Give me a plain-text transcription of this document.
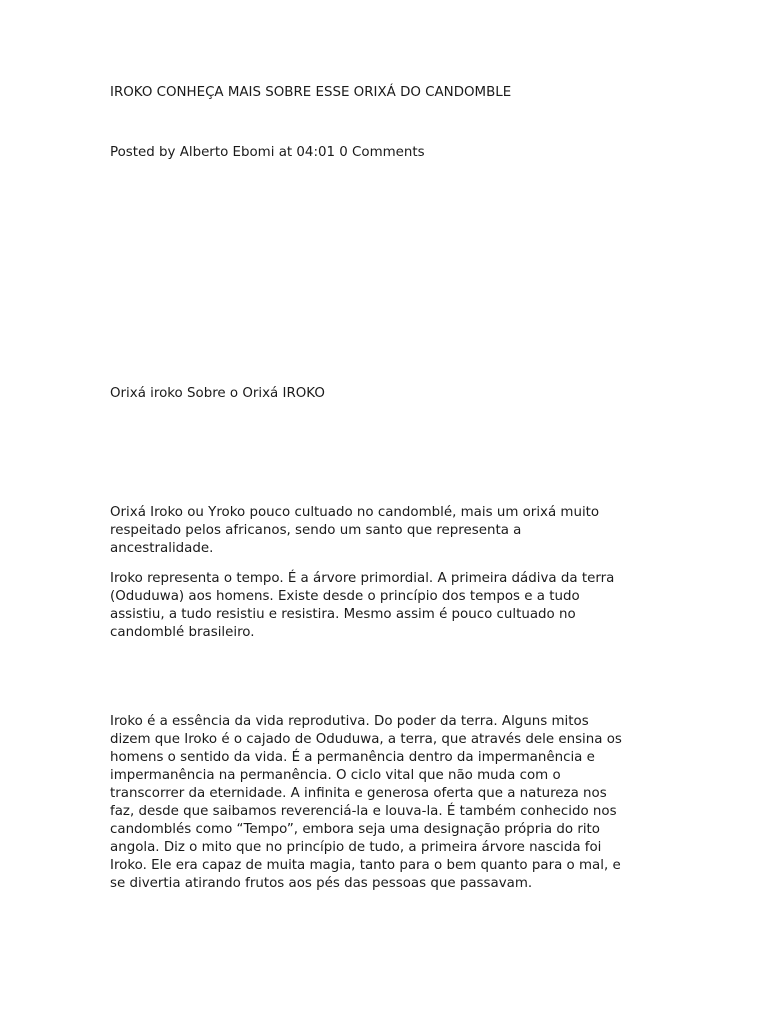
IROKO CONHEÇA MAIS SOBRE ESSE ORIXÁ DO CANDOMBLE
Posted by Alberto Ebomi at 04:01 0 Comments
Orixá iroko Sobre o Orixá IROKO
Orixá Iroko ou Yroko pouco cultuado no candomblé, mais um orixá muito
respeitado pelos africanos, sendo um santo que representa a
ancestralidade.
Iroko representa o tempo. É a árvore primordial. A primeira dádiva da terra
(Oduduwa) aos homens. Existe desde o princípio dos tempos e a tudo
assistiu, a tudo resistiu e resistira. Mesmo assim é pouco cultuado no
candomblé brasileiro.
Iroko é a essência da vida reprodutiva. Do poder da terra. Alguns mitos
dizem que Iroko é o cajado de Oduduwa, a terra, que através dele ensina os
homens o sentido da vida. É a permanência dentro da impermanência e
impermanência na permanência. O ciclo vital que não muda com o
transcorrer da eternidade. A infinita e generosa oferta que a natureza nos
faz, desde que saibamos reverenciá-la e louva-la. É também conhecido nos
candomblés como “Tempo”, embora seja uma designação própria do rito
angola. Diz o mito que no princípio de tudo, a primeira árvore nascida foi
Iroko. Ele era capaz de muita magia, tanto para o bem quanto para o mal, e
se divertia atirando frutos aos pés das pessoas que passavam.
